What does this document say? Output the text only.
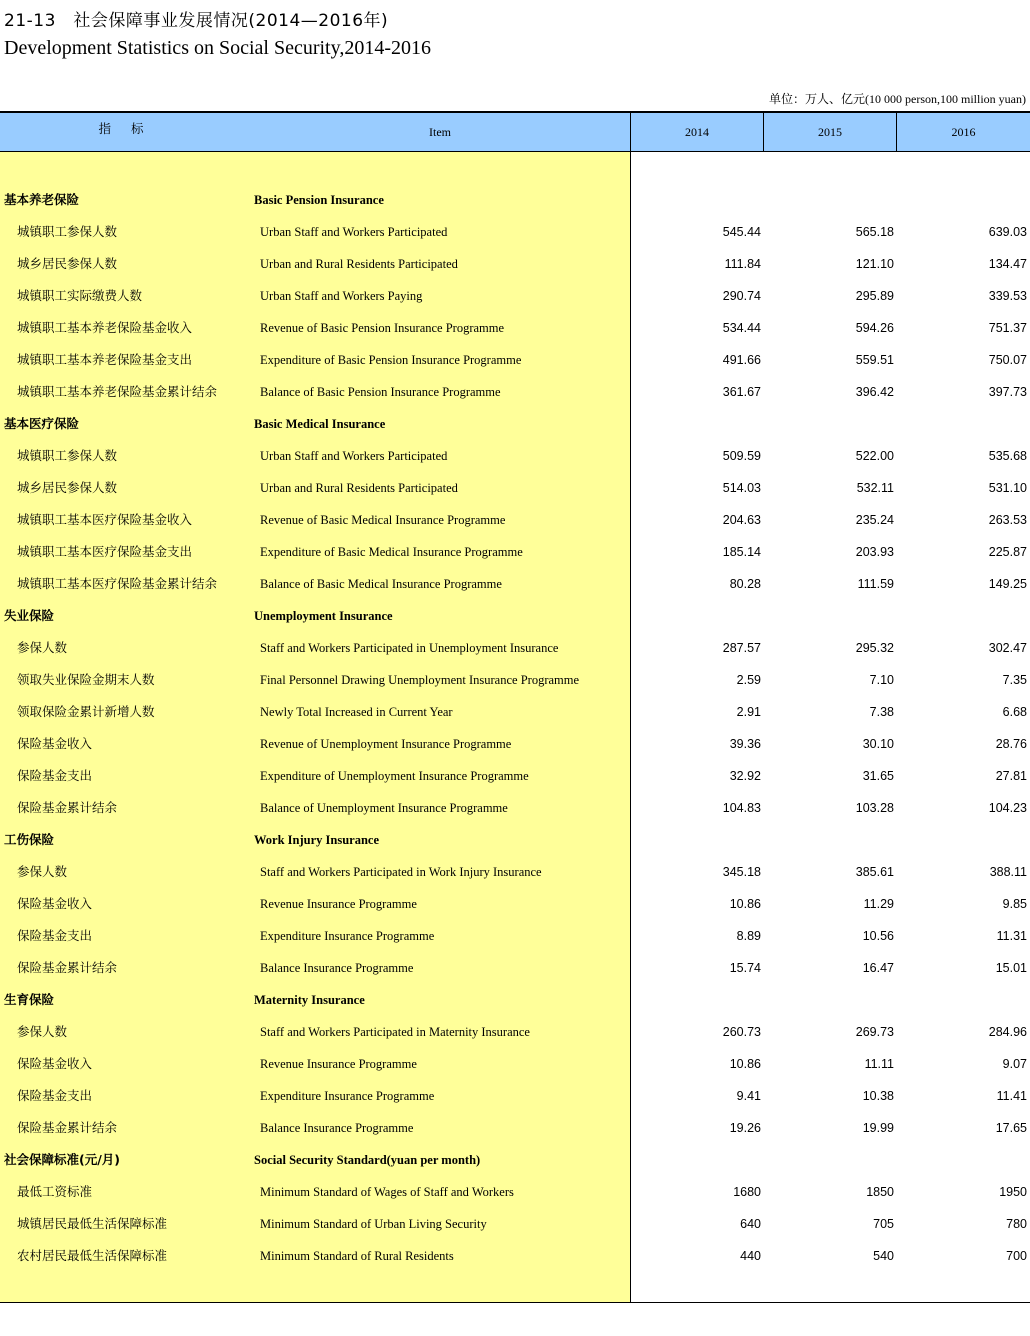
21-13　社会保障事业发展情况(2014—2016年)
Development Statistics on Social Security,2014-2016
单位：万人、亿元(10 000 person,100 million yuan)
指 标	Item	2014	2015	2016
基本养老保险	Basic Pension Insurance
城镇职工参保人数	Urban Staff and Workers Participated	545.44	565.18	639.03
城乡居民参保人数	Urban and Rural Residents Participated	111.84	121.10	134.47
城镇职工实际缴费人数	Urban Staff and Workers Paying	290.74	295.89	339.53
城镇职工基本养老保险基金收入	Revenue of Basic Pension Insurance Programme	534.44	594.26	751.37
城镇职工基本养老保险基金支出	Expenditure of Basic Pension Insurance Programme	491.66	559.51	750.07
城镇职工基本养老保险基金累计结余	Balance of Basic Pension Insurance Programme	361.67	396.42	397.73
基本医疗保险	Basic Medical Insurance
城镇职工参保人数	Urban Staff and Workers Participated	509.59	522.00	535.68
城乡居民参保人数	Urban and Rural Residents Participated	514.03	532.11	531.10
城镇职工基本医疗保险基金收入	Revenue of Basic Medical Insurance Programme	204.63	235.24	263.53
城镇职工基本医疗保险基金支出	Expenditure of Basic Medical Insurance Programme	185.14	203.93	225.87
城镇职工基本医疗保险基金累计结余	Balance of Basic Medical Insurance Programme	80.28	111.59	149.25
失业保险	Unemployment Insurance
参保人数	Staff and Workers Participated in Unemployment Insurance	287.57	295.32	302.47
领取失业保险金期末人数	Final Personnel Drawing Unemployment Insurance Programme	2.59	7.10	7.35
领取保险金累计新增人数	Newly Total Increased in Current Year	2.91	7.38	6.68
保险基金收入	Revenue of Unemployment Insurance Programme	39.36	30.10	28.76
保险基金支出	Expenditure of Unemployment Insurance Programme	32.92	31.65	27.81
保险基金累计结余	Balance of Unemployment Insurance Programme	104.83	103.28	104.23
工伤保险	Work Injury Insurance
参保人数	Staff and Workers Participated in Work Injury Insurance	345.18	385.61	388.11
保险基金收入	Revenue Insurance Programme	10.86	11.29	9.85
保险基金支出	Expenditure Insurance Programme	8.89	10.56	11.31
保险基金累计结余	Balance Insurance Programme	15.74	16.47	15.01
生育保险	Maternity Insurance
参保人数	Staff and Workers Participated in Maternity Insurance	260.73	269.73	284.96
保险基金收入	Revenue Insurance Programme	10.86	11.11	9.07
保险基金支出	Expenditure Insurance Programme	9.41	10.38	11.41
保险基金累计结余	Balance Insurance Programme	19.26	19.99	17.65
社会保障标准(元/月)	Social Security Standard(yuan per month)
最低工资标准	Minimum Standard of Wages of Staff and Workers	1680	1850	1950
城镇居民最低生活保障标准	Minimum Standard of Urban Living Security	640	705	780
农村居民最低生活保障标准	Minimum Standard of Rural Residents	440	540	700
